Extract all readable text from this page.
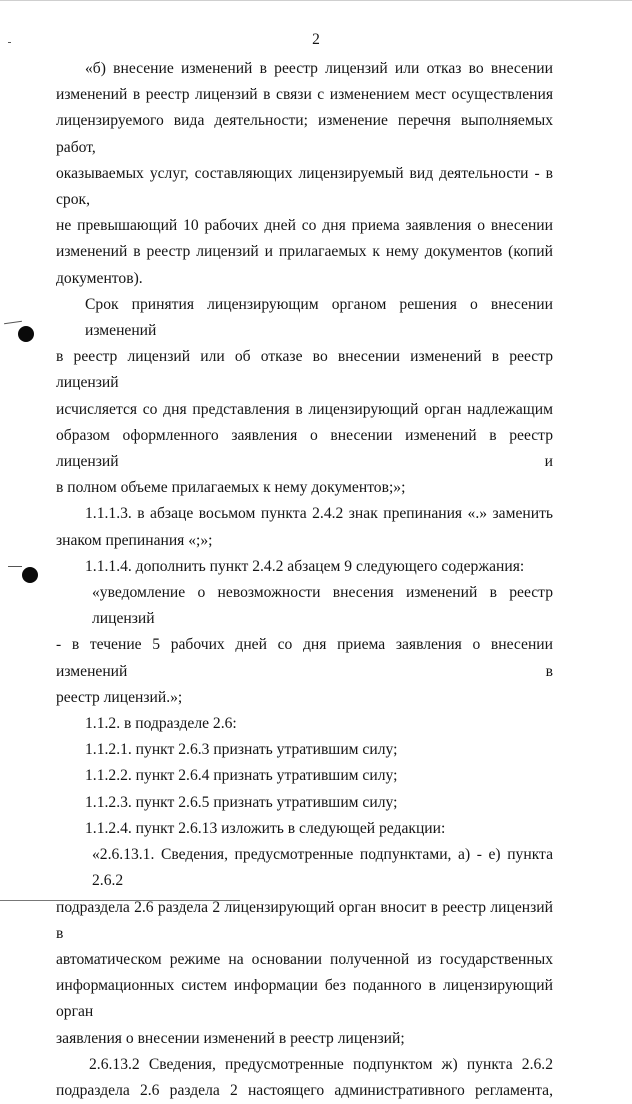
2
«б) внесение изменений в реестр лицензий или отказ во внесении
изменений в реестр лицензий в связи с изменением мест осуществления
лицензируемого вида деятельности; изменение перечня выполняемых работ,
оказываемых услуг, составляющих лицензируемый вид деятельности - в срок,
не превышающий 10 рабочих дней со дня приема заявления о внесении
изменений в реестр лицензий и прилагаемых к нему документов (копий
документов).
Срок принятия лицензирующим органом решения о внесении изменений
в реестр лицензий или об отказе во внесении изменений в реестр лицензий
исчисляется со дня представления в лицензирующий орган надлежащим
образом оформленного заявления о внесении изменений в реестр лицензий и
в полном объеме прилагаемых к нему документов;»;
1.1.1.3. в абзаце восьмом пункта 2.4.2 знак препинания «.» заменить
знаком препинания «;»;
1.1.1.4. дополнить пункт 2.4.2 абзацем 9 следующего содержания:
«уведомление о невозможности внесения изменений в реестр лицензий
- в течение 5 рабочих дней со дня приема заявления о внесении изменений в
реестр лицензий.»;
1.1.2. в подразделе 2.6:
1.1.2.1. пункт 2.6.3 признать утратившим силу;
1.1.2.2. пункт 2.6.4 признать утратившим силу;
1.1.2.3. пункт 2.6.5 признать утратившим силу;
1.1.2.4. пункт 2.6.13 изложить в следующей редакции:
«2.6.13.1. Сведения, предусмотренные подпунктами, а) - е) пункта 2.6.2
подраздела 2.6 раздела 2 лицензирующий орган вносит в реестр лицензий в
автоматическом режиме на основании полученной из государственных
информационных систем информации без поданного в лицензирующий орган
заявления о внесении изменений в реестр лицензий;
2.6.13.2 Сведения, предусмотренные подпунктом ж) пункта 2.6.2
подраздела 2.6 раздела 2 настоящего административного регламента,
